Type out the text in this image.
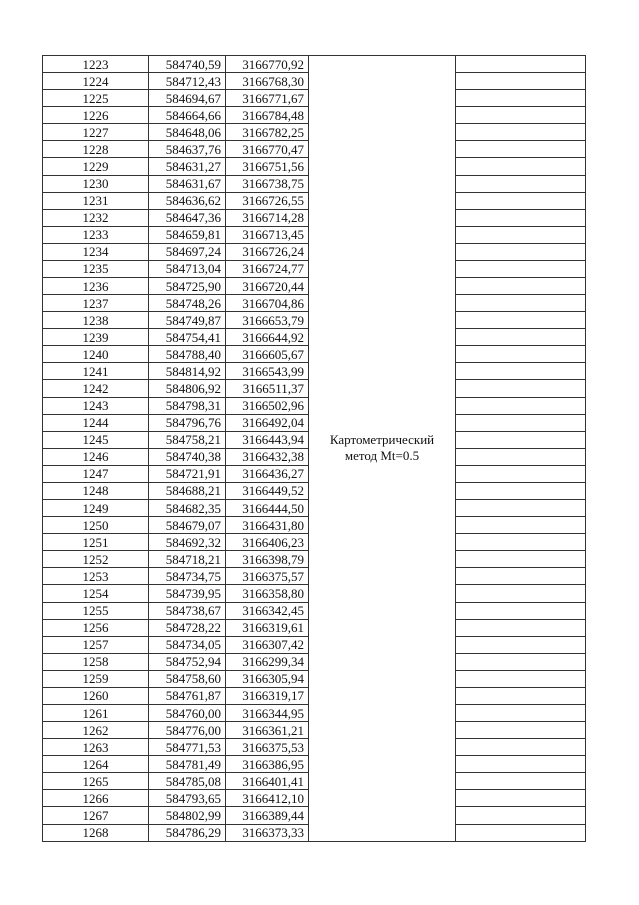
1223	584740,59	3166770,92	Картометрический
метод Mt=0.5	

1224	584712,43	3166768,30		
1225	584694,67	3166771,67		
1226	584664,66	3166784,48		
1227	584648,06	3166782,25		
1228	584637,76	3166770,47		
1229	584631,27	3166751,56		
1230	584631,67	3166738,75		
1231	584636,62	3166726,55		
1232	584647,36	3166714,28		
1233	584659,81	3166713,45		
1234	584697,24	3166726,24		
1235	584713,04	3166724,77		
1236	584725,90	3166720,44		
1237	584748,26	3166704,86		
1238	584749,87	3166653,79		
1239	584754,41	3166644,92		
1240	584788,40	3166605,67		
1241	584814,92	3166543,99		
1242	584806,92	3166511,37		
1243	584798,31	3166502,96		
1244	584796,76	3166492,04		
1245	584758,21	3166443,94		
1246	584740,38	3166432,38		
1247	584721,91	3166436,27		
1248	584688,21	3166449,52		
1249	584682,35	3166444,50		
1250	584679,07	3166431,80		
1251	584692,32	3166406,23		
1252	584718,21	3166398,79		
1253	584734,75	3166375,57		
1254	584739,95	3166358,80		
1255	584738,67	3166342,45		
1256	584728,22	3166319,61		
1257	584734,05	3166307,42		
1258	584752,94	3166299,34		
1259	584758,60	3166305,94		
1260	584761,87	3166319,17		
1261	584760,00	3166344,95		
1262	584776,00	3166361,21		
1263	584771,53	3166375,53		
1264	584781,49	3166386,95		
1265	584785,08	3166401,41		
1266	584793,65	3166412,10		
1267	584802,99	3166389,44		
1268	584786,29	3166373,33		
